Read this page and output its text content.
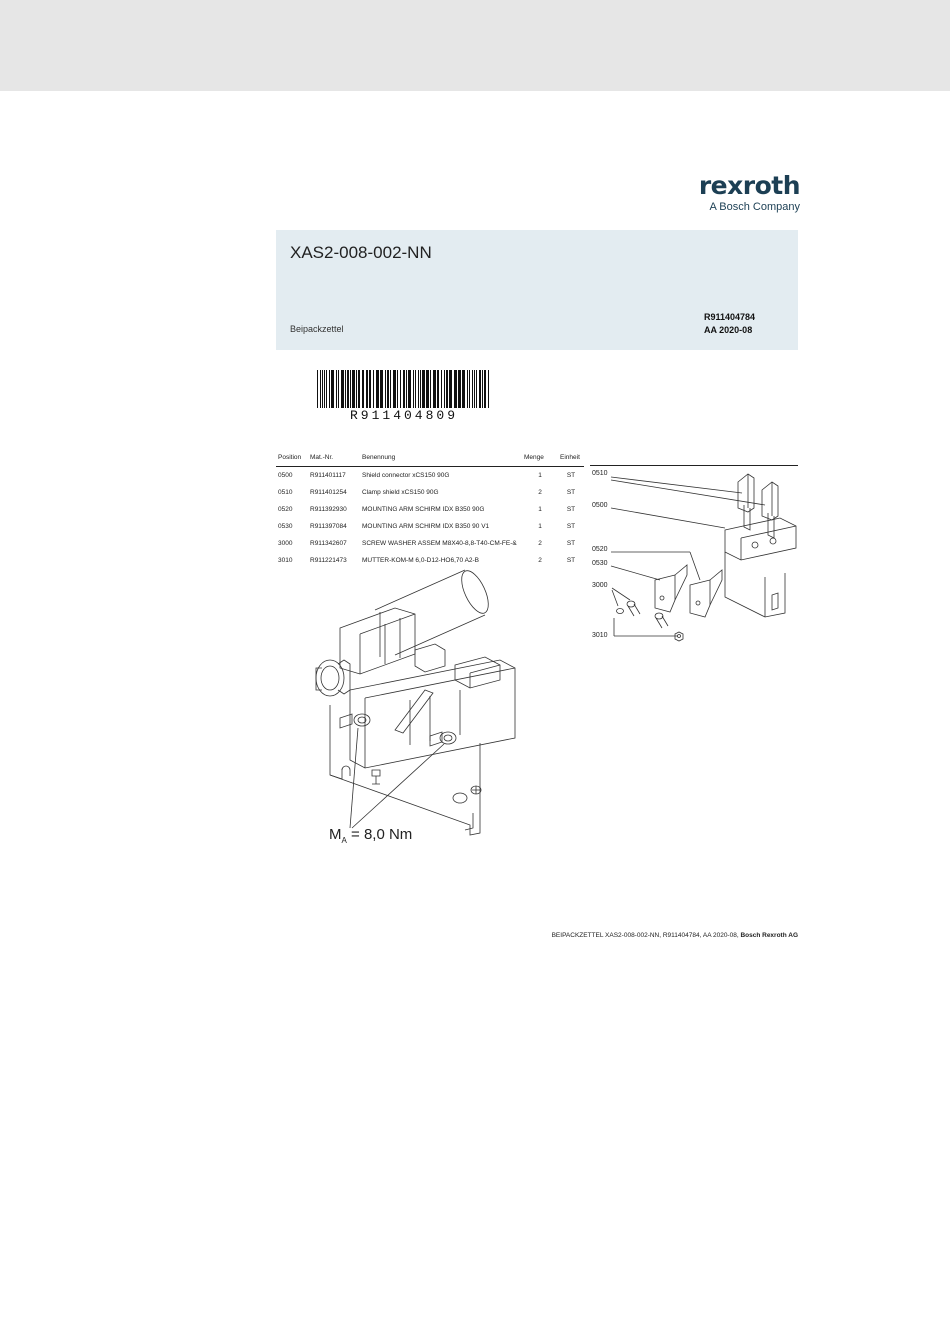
rexroth
A Bosch Company
XAS2-008-002-NN
Beipackzettel
R911404784
AA 2020-08
R911404809
Position	Mat.-Nr.	Benennung	Menge	Einheit
0500	R911401117	Shield connector xCS150 90G	1	ST
0510	R911401254	Clamp shield xCS150 90G	2	ST
0520	R911392930	MOUNTING ARM SCHIRM IDX B350 90G	1	ST
0530	R911397084	MOUNTING ARM SCHIRM IDX B350 90 V1	1	ST
3000	R911342607	SCREW WASHER ASSEM M8X40-8,8-T40-CM-FE-&	2	ST
3010	R911221473	MUTTER-KOM-M 6,0-D12-HO6,70 A2-B	2	ST
0510
0500
0520
0530
3000
3010
$M_A = 8,0$ Nm
BEIPACKZETTEL XAS2-008-002-NN, R911404784, AA 2020-08, Bosch Rexroth AG
